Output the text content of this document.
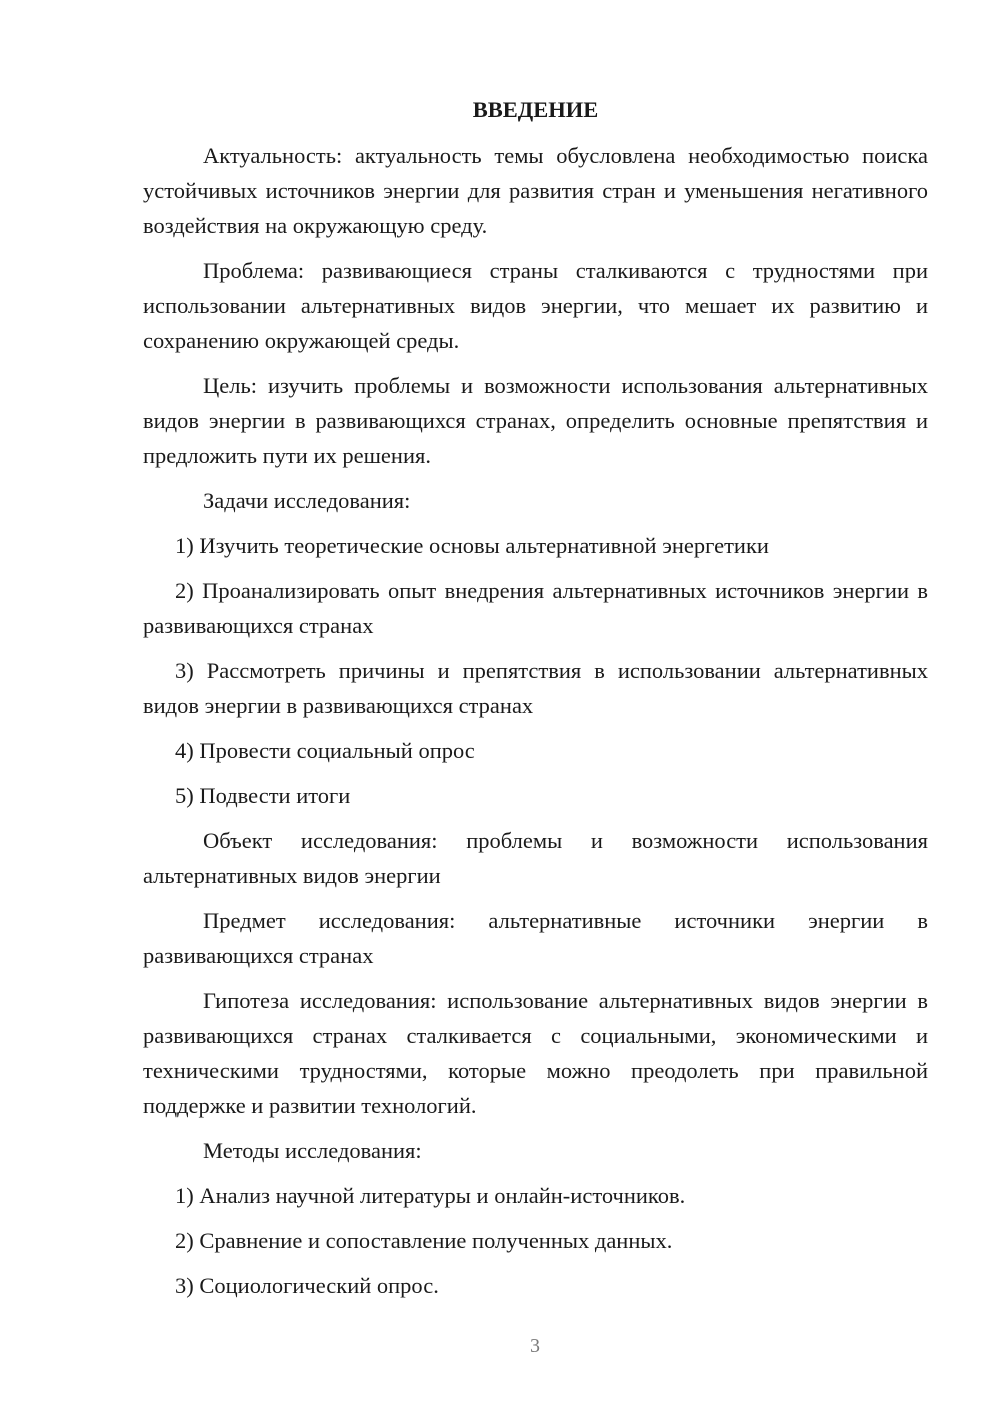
ВВЕДЕНИЕ
Актуальность: актуальность темы обусловлена необходимостью поиска устойчивых источников энергии для развития стран и уменьшения негативного воздействия на окружающую среду.
Проблема: развивающиеся страны сталкиваются с трудностями при использовании альтернативных видов энергии, что мешает их развитию и сохранению окружающей среды.
Цель: изучить проблемы и возможности использования альтернативных видов энергии в развивающихся странах, определить основные препятствия и предложить пути их решения.
Задачи исследования:
1) Изучить теоретические основы альтернативной энергетики
2) Проанализировать опыт внедрения альтернативных источников энергии в развивающихся странах
3) Рассмотреть причины и препятствия в использовании альтернативных видов энергии в развивающихся странах
4) Провести социальный опрос
5) Подвести итоги
Объект исследования: проблемы и возможности использования альтернативных видов энергии
Предмет исследования: альтернативные источники энергии в развивающихся странах
Гипотеза исследования: использование альтернативных видов энергии в развивающихся странах сталкивается с социальными, экономическими и техническими трудностями, которые можно преодолеть при правильной поддержке и развитии технологий.
Методы исследования:
1) Анализ научной литературы и онлайн-источников.
2) Сравнение и сопоставление полученных данных.
3) Социологический опрос.
3
